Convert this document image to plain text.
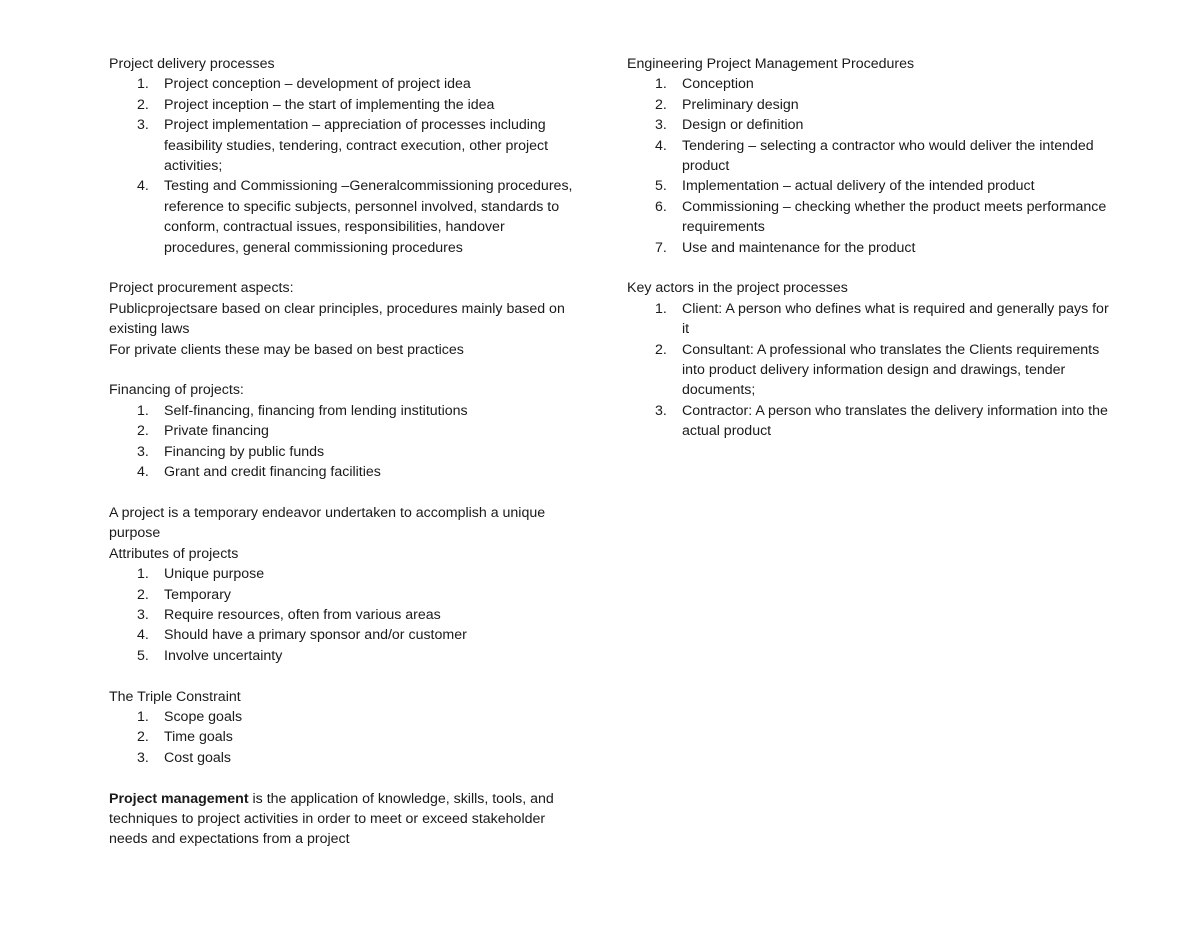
Project delivery processes

1. Project conception – development of project idea
2. Project inception – the start of implementing the idea
3. Project implementation – appreciation of processes including feasibility studies, tendering, contract execution, other project activities;
4. Testing and Commissioning –Generalcommissioning procedures, reference to specific subjects, personnel involved, standards to conform, contractual issues, responsibilities, handover procedures, general commissioning procedures

Project procurement aspects:

Publicprojectsare based on clear principles, procedures mainly based on existing laws

For private clients these may be based on best practices

Financing of projects:

1. Self-financing, financing from lending institutions
2. Private financing
3. Financing by public funds
4. Grant and credit financing facilities

A project is a temporary endeavor undertaken to accomplish a unique purpose

Attributes of projects

1. Unique purpose
2. Temporary
3. Require resources, often from various areas
4. Should have a primary sponsor and/or customer
5. Involve uncertainty

The Triple Constraint

1. Scope goals
2. Time goals
3. Cost goals

Project management is the application of knowledge, skills, tools, and techniques to project activities in order to meet or exceed stakeholder needs and expectations from a project

Engineering Project Management Procedures

1. Conception
2. Preliminary design
3. Design or definition
4. Tendering – selecting a contractor who would deliver the intended product
5. Implementation – actual delivery of the intended product
6. Commissioning – checking whether the product meets performance requirements
7. Use and maintenance for the product

Key actors in the project processes

1. Client: A person who defines what is required and generally pays for it
2. Consultant: A professional who translates the Clients requirements into product delivery information design and drawings, tender documents;
3. Contractor: A person who translates the delivery information into the actual product
